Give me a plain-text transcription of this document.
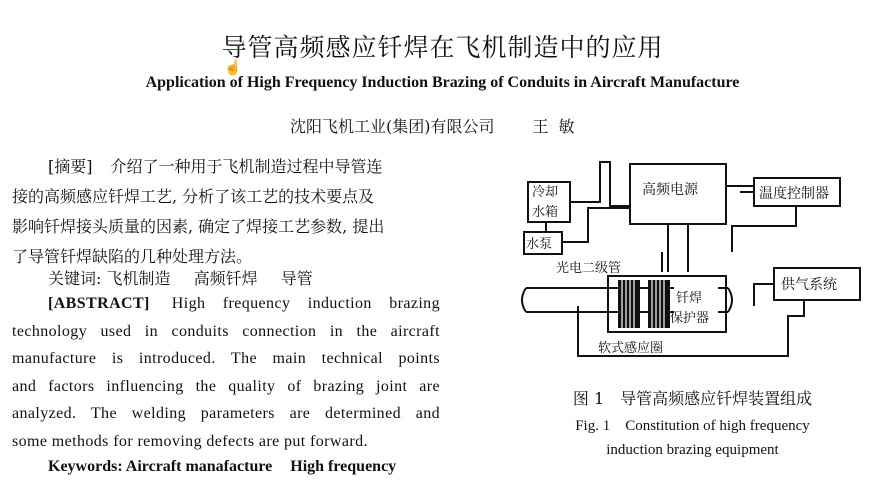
导管高频感应钎焊在飞机制造中的应用
☝
Application of High Frequency Induction Brazing of Conduits in Aircraft Manufacture
沈阳飞机工业(集团)有限公司 王敏
[摘要] 介绍了一种用于飞机制造过程中导管连
接的高频感应钎焊工艺, 分析了该工艺的技术要点及
影响钎焊接头质量的因素, 确定了焊接工艺参数, 提出
了导管钎焊缺陷的几种处理方法。
关键词: 飞机制造 高频钎焊 导管
[ABSTRACT] High frequency induction brazing
technology used in conduits connection in the aircraft
manufacture is introduced. The main technical points
and factors influencing the quality of brazing joint are
analyzed. The welding parameters are determined and
some methods for removing defects are put forward.
Keywords: Aircraft manafacture High frequency
冷却
水箱
高频电源	温度控制器
水泵
光电二级管
供气系统
钎焊
保护器
软式感应圈
图 1　导管高频感应钎焊装置组成
Fig. 1　Constitution of high frequency
induction brazing equipment
